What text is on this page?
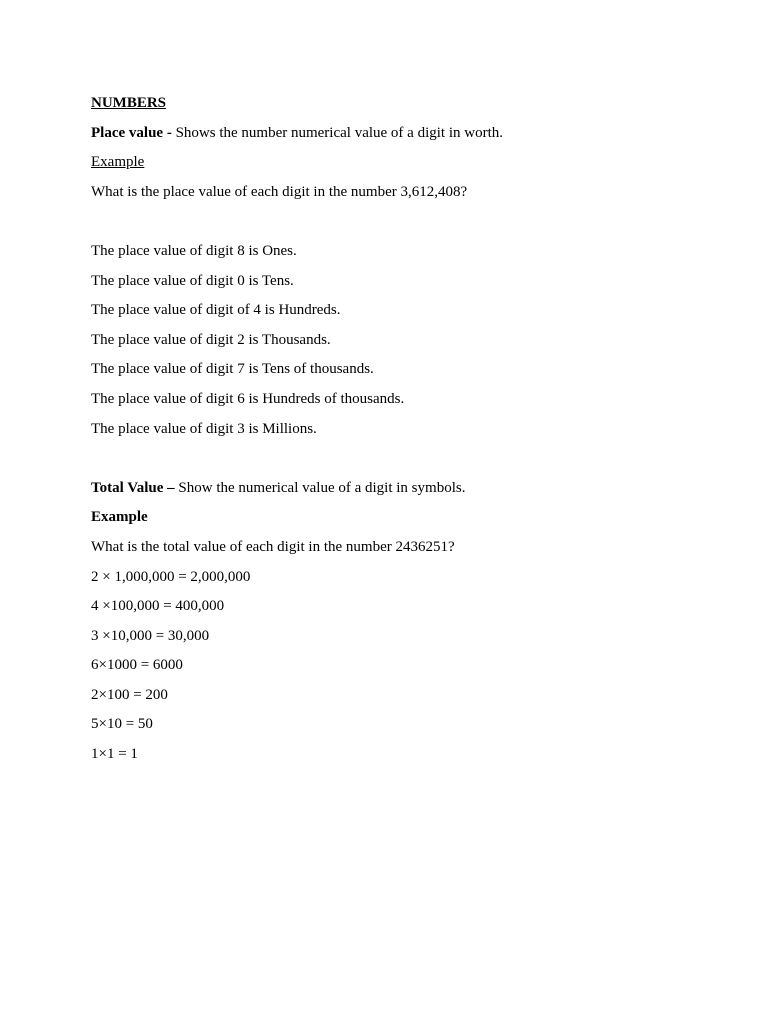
NUMBERS

Place value - Shows the number numerical value of a digit in worth.

Example

What is the place value of each digit in the number 3,612,408?

The place value of digit 8 is Ones.

The place value of digit 0 is Tens.

The place value of digit of 4 is Hundreds.

The place value of digit 2 is Thousands.

The place value of digit 7 is Tens of thousands.

The place value of digit 6 is Hundreds of thousands.

The place value of digit 3 is Millions.

Total Value – Show the numerical value of a digit in symbols.

Example

What is the total value of each digit in the number 2436251?

2 × 1,000,000 = 2,000,000

4 ×100,000 = 400,000

3 ×10,000 = 30,000

6×1000 = 6000

2×100 = 200

5×10 = 50

1×1 = 1
